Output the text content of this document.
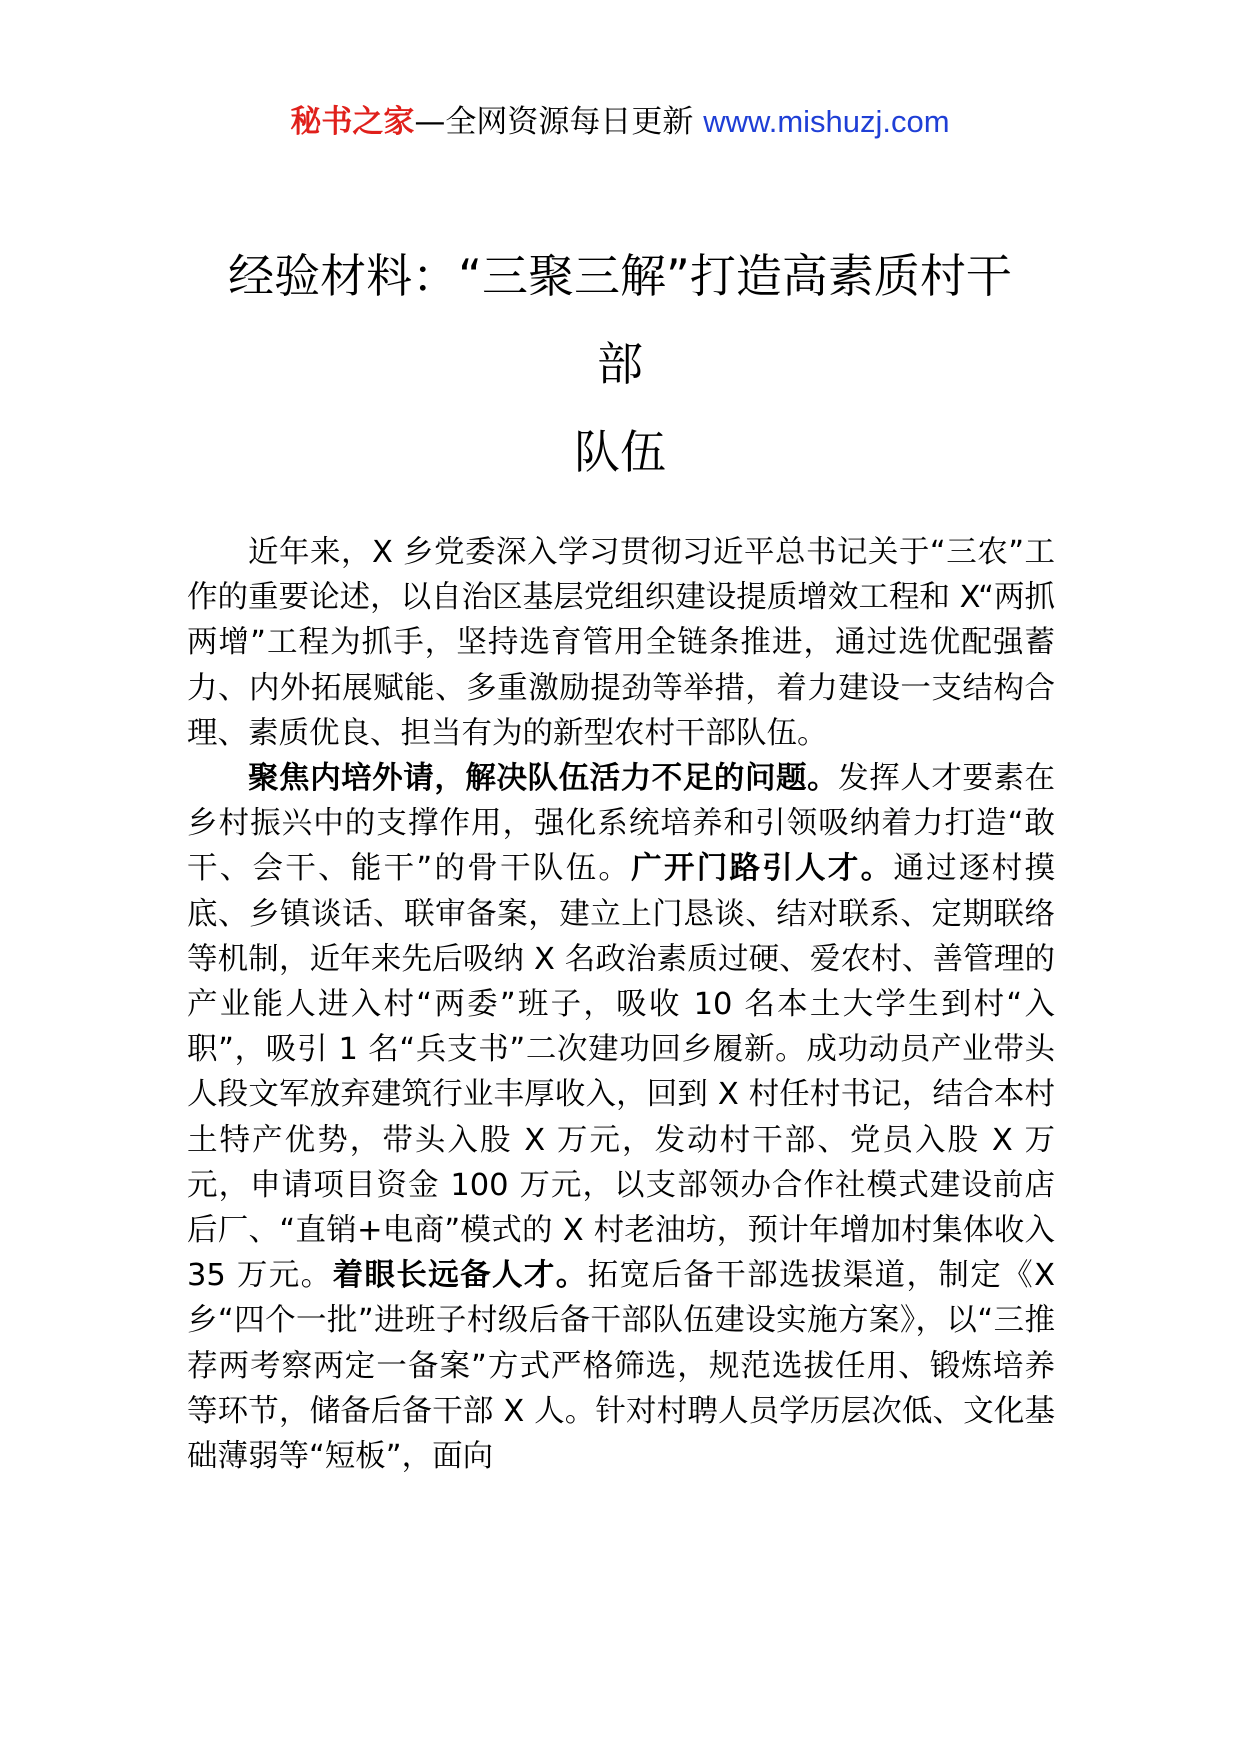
秘书之家—全网资源每日更新 www.mishuzj.com
经验材料：“三聚三解”打造高素质村干
部
队伍

近年来，X 乡党委深入学习贯彻习近平总书记关于“三农”工作的重要论述，以自治区基层党组织建设提质增效工程和 X“两抓两增”工程为抓手，坚持选育管用全链条推进，通过选优配强蓄力、内外拓展赋能、多重激励提劲等举措，着力建设一支结构合理、素质优良、担当有为的新型农村干部队伍。

聚焦内培外请，解决队伍活力不足的问题。发挥人才要素在乡村振兴中的支撑作用，强化系统培养和引领吸纳着力打造“敢干、会干、能干”的骨干队伍。广开门路引人才。通过逐村摸底、乡镇谈话、联审备案，建立上门恳谈、结对联系、定期联络等机制，近年来先后吸纳 X 名政治素质过硬、爱农村、善管理的产业能人进入村“两委”班子，吸收 10 名本土大学生到村“入职”，吸引 1 名“兵支书”二次建功回乡履新。成功动员产业带头人段文军放弃建筑行业丰厚收入，回到 X 村任村书记，结合本村土特产优势，带头入股 X 万元，发动村干部、党员入股 X 万元，申请项目资金 100 万元，以支部领办合作社模式建设前店后厂、“直销+电商”模式的 X 村老油坊，预计年增加村集体收入 35 万元。着眼长远备人才。拓宽后备干部选拔渠道，制定《X 乡“四个一批”进班子村级后备干部队伍建设实施方案》，以“三推荐两考察两定一备案”方式严格筛选，规范选拔任用、锻炼培养等环节，储备后备干部 X 人。针对村聘人员学历层次低、文化基础薄弱等“短板”，面向
